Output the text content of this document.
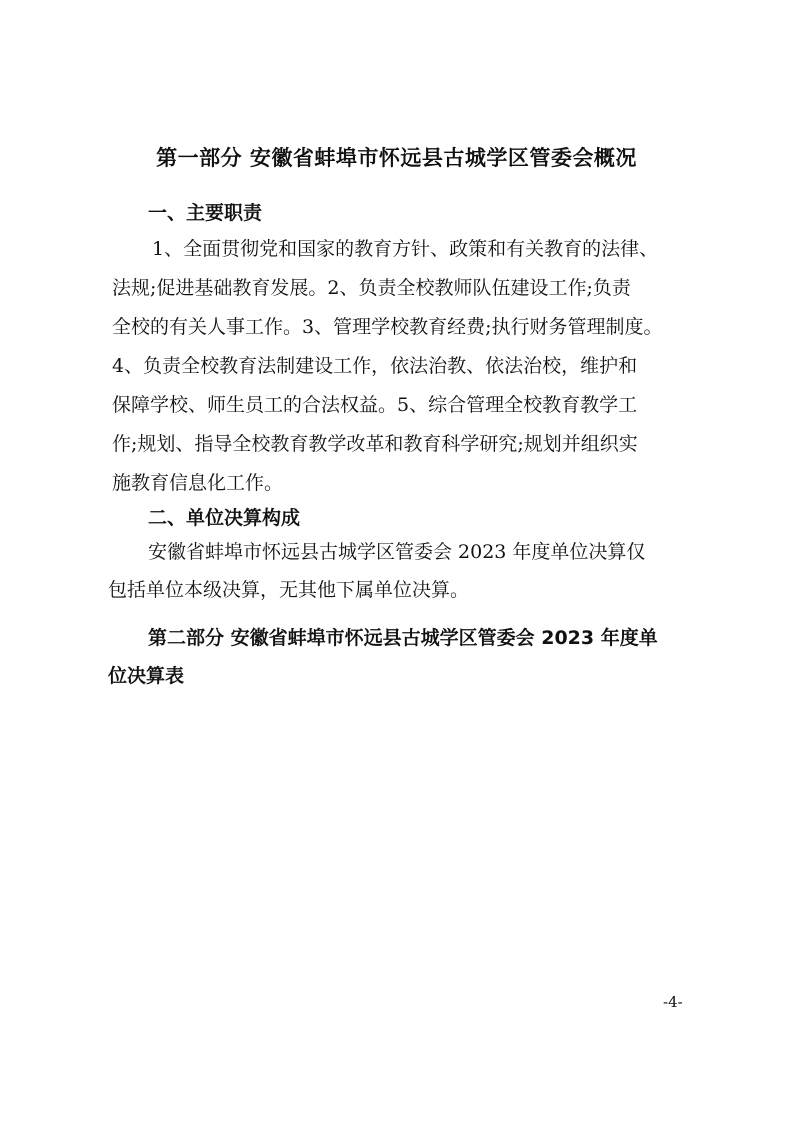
第一部分 安徽省蚌埠市怀远县古城学区管委会概况
一、主要职责
1、全面贯彻党和国家的教育方针、政策和有关教育的法律、
法规;促进基础教育发展。2、负责全校教师队伍建设工作;负责
全校的有关人事工作。3、管理学校教育经费;执行财务管理制度。
4、负责全校教育法制建设工作，依法治教、依法治校，维护和
保障学校、师生员工的合法权益。5、综合管理全校教育教学工
作;规划、指导全校教育教学改革和教育科学研究;规划并组织实
施教育信息化工作。
二、单位决算构成
安徽省蚌埠市怀远县古城学区管委会 2023 年度单位决算仅
包括单位本级决算，无其他下属单位决算。
第二部分 安徽省蚌埠市怀远县古城学区管委会 2023 年度单
位决算表
-4-
